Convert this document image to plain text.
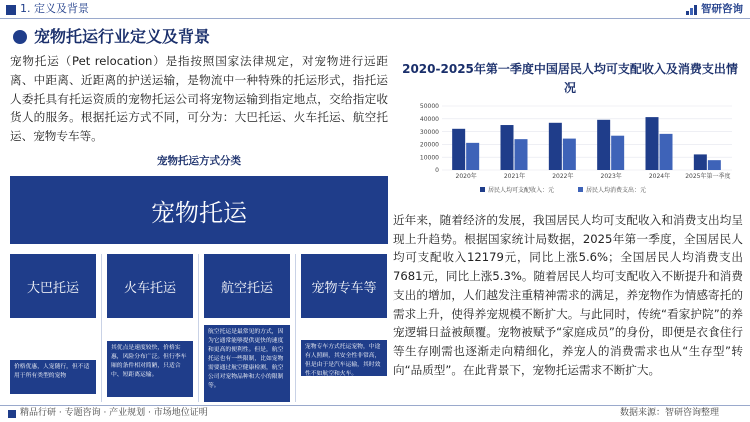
1. 定义及背景	智研咨询
宠物托运行业定义及背景
宠物托运（Pet relocation）是指按照国家法律规定，对宠物进行远距离、中距离、近距离的护送运输，是物流中一种特殊的托运形式，指托运人委托具有托运资质的宠物托运公司将宠物运输到指定地点，交给指定收货人的服务。根据托运方式不同，可分为：大巴托运、火车托运、航空托运、宠物专车等。
宠物托运方式分类
宠物托运
大巴托运	火车托运	航空托运	宠物专车等
价格优惠，人宠随行，但不适用于所有类型的宠物
其优点是速度较快，价格实惠，风险分布广泛。但行李车厢的条件相对简陋，只适合中、短距离运输。
航空托运是最常见的方式，因为它通常能够提供更快的速度和更高的便利性。但是，航空托运也有一些限制，比如宠物需要通过航空健康检测，航空公司对宠物品种和大小的限制等。
宠物专车方式托运宠物，中途有人照顾，其安全性非常高，但是由于是汽车运输，其时效性不如航空和火车。
2020-2025年第一季度中国居民人均可支配收入及消费支出情况
0
10000
20000
30000
40000
50000
2020年	2021年	2022年	2023年	2024年	2025年第一季度
居民人均可支配收入：元	居民人均消费支出：元
近年来，随着经济的发展，我国居民人均可支配收入和消费支出均呈现上升趋势。根据国家统计局数据，2025年第一季度，全国居民人均可支配收入12179元，同比上涨5.6%；全国居民人均消费支出7681元，同比上涨5.3%。随着居民人均可支配收入不断提升和消费支出的增加，人们越发注重精神需求的满足，养宠物作为情感寄托的需求上升，使得养宠规模不断扩大。与此同时，传统“看家护院”的养宠逻辑日益被颠覆。宠物被赋予“家庭成员”的身份，即便是衣食住行等生存刚需也逐渐走向精细化，养宠人的消费需求也从“生存型”转向“品质型”。在此背景下，宠物托运需求不断扩大。
精品行研 · 专题咨询 · 产业规划 · 市场地位证明	数据来源：智研咨询整理
